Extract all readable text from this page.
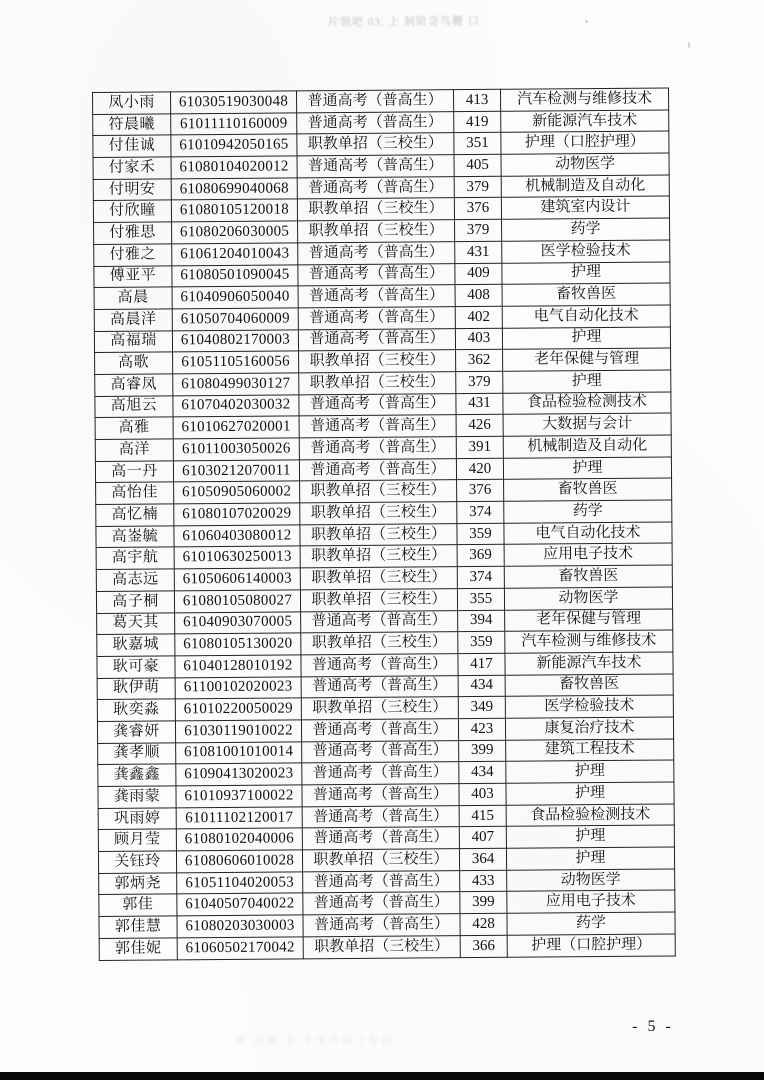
片领吧 03, 上 制阶奇鸟鞭 口
凤小雨	61030519030048	普通高考（普高生）	413	汽车检测与维修技术
符晨曦	61011110160009	普通高考（普高生）	419	新能源汽车技术
付佳诚	61010942050165	职教单招（三校生）	351	护理（口腔护理）
付家禾	61080104020012	普通高考（普高生）	405	动物医学
付明安	61080699040068	普通高考（普高生）	379	机械制造及自动化
付欣瞳	61080105120018	职教单招（三校生）	376	建筑室内设计
付雅思	61080206030005	职教单招（三校生）	379	药学
付雅之	61061204010043	普通高考（普高生）	431	医学检验技术
傅亚平	61080501090045	普通高考（普高生）	409	护理
高晨	61040906050040	普通高考（普高生）	408	畜牧兽医
高晨洋	61050704060009	普通高考（普高生）	402	电气自动化技术
高福瑞	61040802170003	普通高考（普高生）	403	护理
高歌	61051105160056	职教单招（三校生）	362	老年保健与管理
高睿凤	61080499030127	职教单招（三校生）	379	护理
高旭云	61070402030032	普通高考（普高生）	431	食品检验检测技术
高雅	61010627020001	普通高考（普高生）	426	大数据与会计
高洋	61011003050026	普通高考（普高生）	391	机械制造及自动化
高一丹	61030212070011	普通高考（普高生）	420	护理
高怡佳	61050905060002	职教单招（三校生）	376	畜牧兽医
高忆楠	61080107020029	职教单招（三校生）	374	药学
高崟毓	61060403080012	职教单招（三校生）	359	电气自动化技术
高宇航	61010630250013	职教单招（三校生）	369	应用电子技术
高志远	61050606140003	职教单招（三校生）	374	畜牧兽医
高子桐	61080105080027	职教单招（三校生）	355	动物医学
葛天其	61040903070005	普通高考（普高生）	394	老年保健与管理
耿嘉城	61080105130020	职教单招（三校生）	359	汽车检测与维修技术
耿可豪	61040128010192	普通高考（普高生）	417	新能源汽车技术
耿伊萌	61100102020023	普通高考（普高生）	434	畜牧兽医
耿奕淼	61010220050029	职教单招（三校生）	349	医学检验技术
龚睿妍	61030119010022	普通高考（普高生）	423	康复治疗技术
龚孝顺	61081001010014	普通高考（普高生）	399	建筑工程技术
龚鑫鑫	61090413020023	普通高考（普高生）	434	护理
龚雨蒙	61010937100022	普通高考（普高生）	403	护理
巩雨婷	61011102120017	普通高考（普高生）	415	食品检验检测技术
顾月莹	61080102040006	普通高考（普高生）	407	护理
关钰玲	61080606010028	职教单招（三校生）	364	护理
郭炳尧	61051104020053	普通高考（普高生）	433	动物医学
郭佳	61040507040022	普通高考（普高生）	399	应用电子技术
郭佳慧	61080203030003	普通高考（普高生）	428	药学
郭佳妮	61060502170042	职教单招（三校生）	366	护理（口腔护理）
排 点清 中 十年月前十年间
- 5 -
